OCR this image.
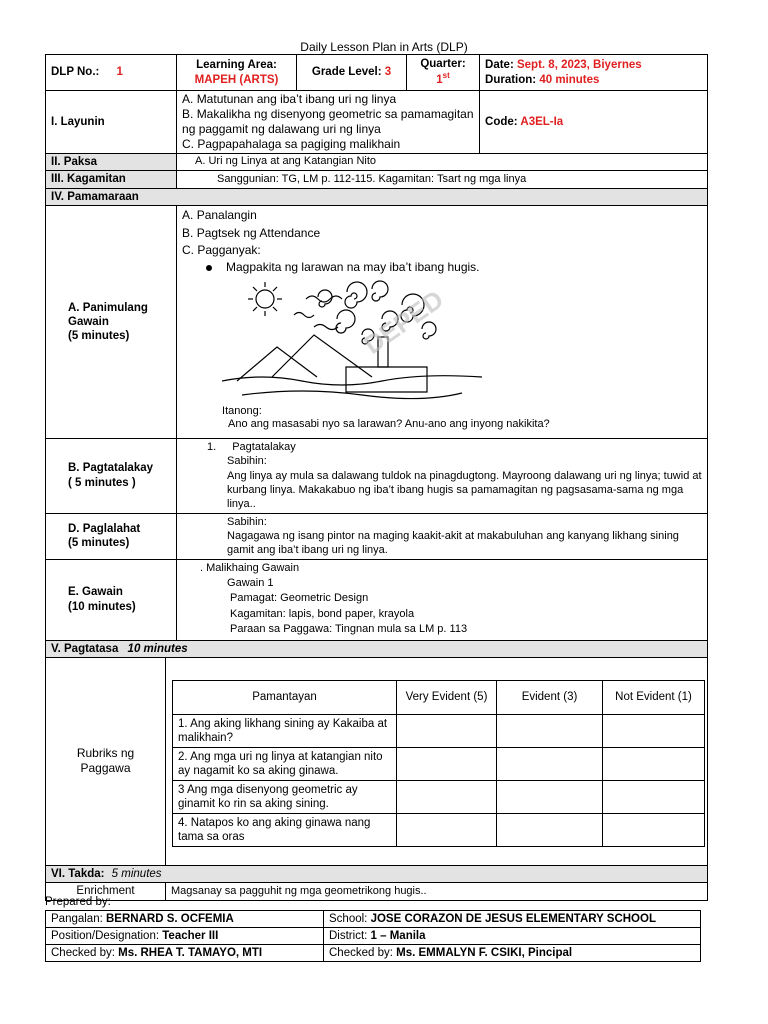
Daily Lesson Plan in Arts (DLP)
DLP No.: 1	
Learning Area:
MAPEH (ARTS)
	Grade Level: 3	Quarter: 1st	
Date: Sept. 8, 2023, Biyernes
Duration: 40 minutes

I. Layunin	
A. Matutunan ang iba’t ibang uri ng linya
B. Makalikha ng disenyong geometric sa pamamagitan ng paggamit ng dalawang uri ng linya
C. Pagpapahalaga sa pagiging malikhain
	Code: A3EL-Ia
II. Paksa	A. Uri ng Linya at ang Katangian Nito
III. Kagamitan	Sanggunian: TG, LM p. 112-115. Kagamitan: Tsart ng mga linya
IV. Pamamaraan

A. Panimulang Gawain
(5 minutes)

A. Panalangin
B. Pagtsek ng Attendance
C. Pagganyak:
Magpakita ng larawan na may iba’t ibang hugis.
DEPED
Itanong:
Ano ang masasabi nyo sa larawan? Anu-ano ang inyong nakikita?

B. Pagtatalakay
( 5 minutes )

1. Pagtatalakay
Sabihin:
Ang linya ay mula sa dalawang tuldok na pinagdugtong. Mayroong dalawang uri ng linya; tuwid at kurbang linya. Makakabuo ng iba’t ibang hugis sa pamamagitan ng pagsasama-sama ng mga linya..

D. Paglalahat
(5 minutes)

Sabihin:
Nagagawa ng isang pintor na maging kaakit-akit at makabuluhan ang kanyang likhang sining gamit ang iba’t ibang uri ng linya.

E. Gawain
(10 minutes)

. Malikhaing Gawain
Gawain 1
Pamagat: Geometric Design
Kagamitan: lapis, bond paper, krayola
Paraan sa Paggawa: Tingnan mula sa LM p. 113

V. Pagtatasa 10 minutes
Rubriks ng Paggawa	
Pamantayan	Very Evident (5)	Evident (3)	Not Evident (1)
1. Ang aking likhang sining ay Kakaiba at malikhain?			
2. Ang mga uri ng linya at katangian nito ay nagamit ko sa aking ginawa.			
3 Ang mga disenyong geometric ay ginamit ko rin sa aking sining.			
4. Natapos ko ang aking ginawa nang tama sa oras			

VI. Takda: 5 minutes
Enrichment	Magsanay sa pagguhit ng mga geometrikong hugis..
Prepared by:
Pangalan: BERNARD S. OCFEMIA	School: JOSE CORAZON DE JESUS ELEMENTARY SCHOOL
Position/Designation: Teacher III	District: 1 – Manila
Checked by: Ms. RHEA T. TAMAYO, MTI	Checked by: Ms. EMMALYN F. CSIKI, Pincipal
